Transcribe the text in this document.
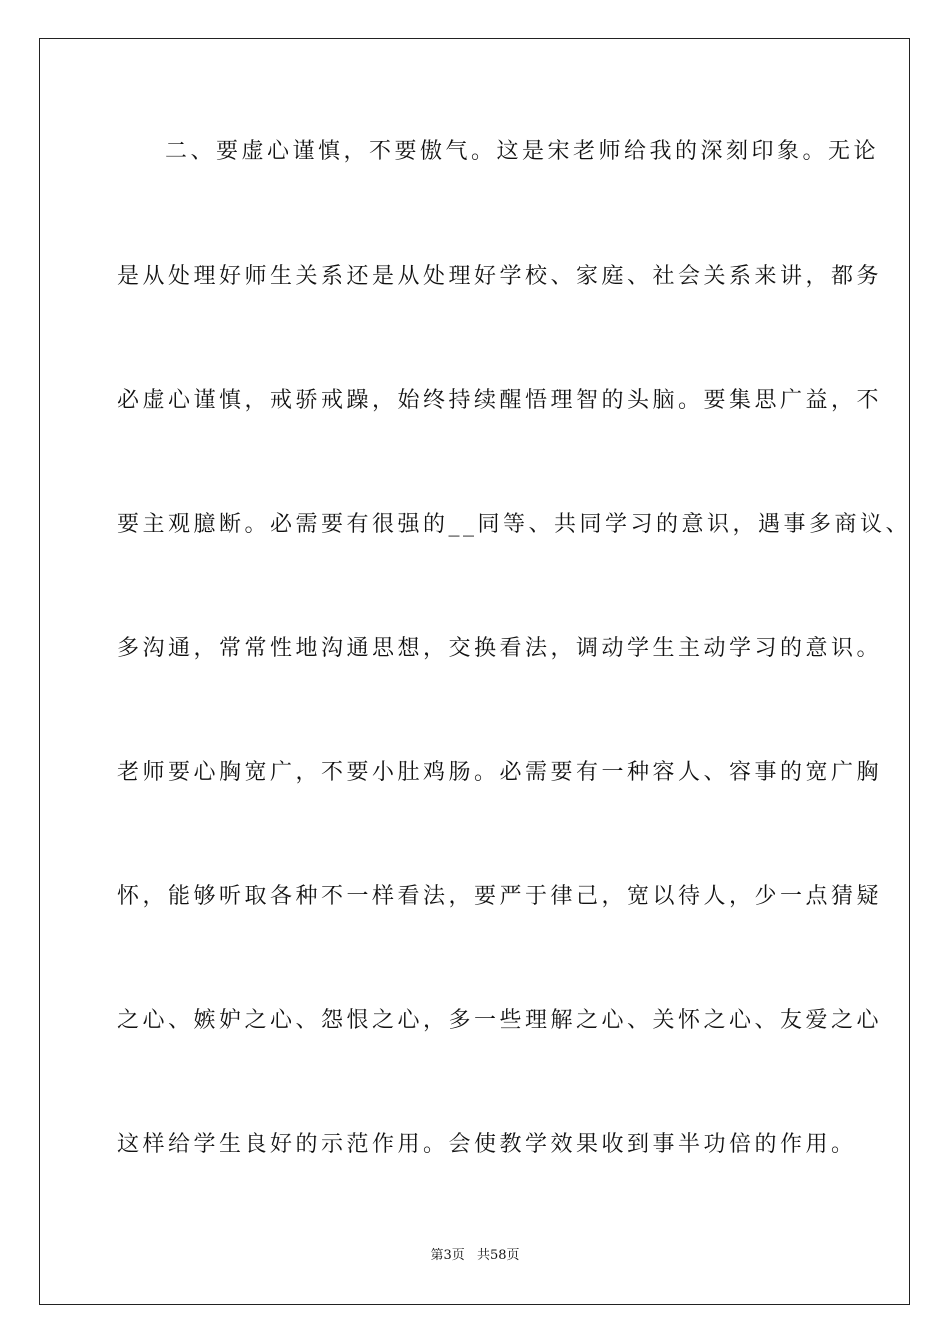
二、要虚心谨慎，不要傲气。这是宋老师给我的深刻印象。无论
是从处理好师生关系还是从处理好学校、家庭、社会关系来讲，都务
必虚心谨慎，戒骄戒躁，始终持续醒悟理智的头脑。要集思广益，不
要主观臆断。必需要有很强的__同等、共同学习的意识，遇事多商议、
多沟通，常常性地沟通思想，交换看法，调动学生主动学习的意识。
老师要心胸宽广，不要小肚鸡肠。必需要有一种容人、容事的宽广胸
怀，能够听取各种不一样看法，要严于律己，宽以待人，少一点猜疑
之心、嫉妒之心、怨恨之心，多一些理解之心、关怀之心、友爱之心
这样给学生良好的示范作用。会使教学效果收到事半功倍的作用。
第3页 共58页
